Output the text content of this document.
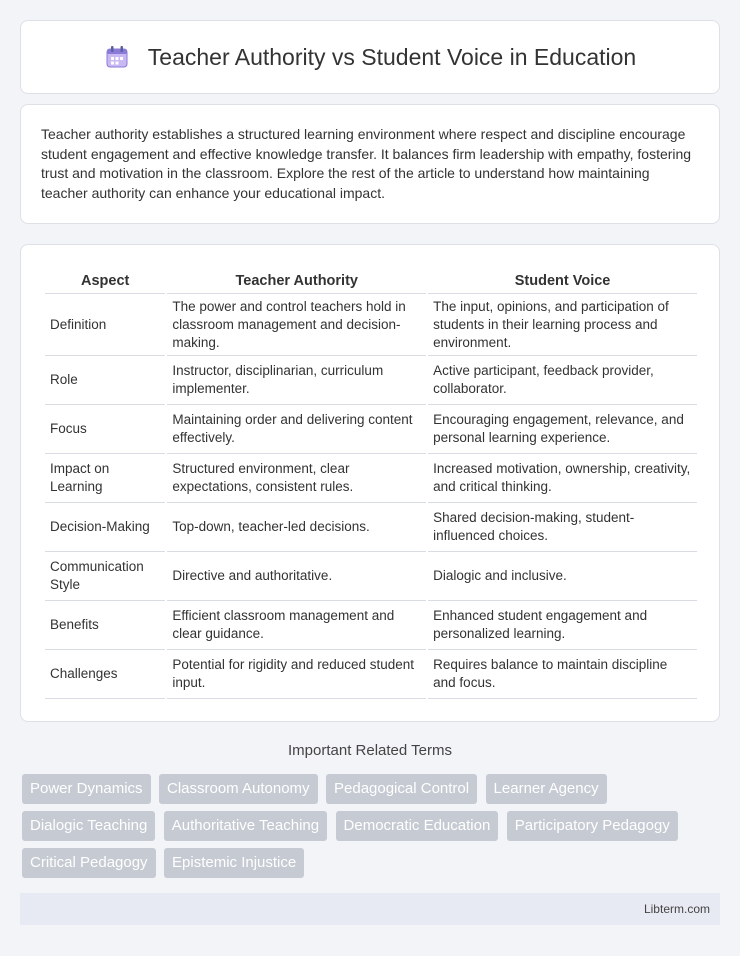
Teacher Authority vs Student Voice in Education

Teacher authority establishes a structured learning environment where respect and discipline encourage student engagement and effective knowledge transfer. It balances firm leadership with empathy, fostering trust and motivation in the classroom. Explore the rest of the article to understand how maintaining teacher authority can enhance your educational impact.

Aspect	Teacher Authority	Student Voice
Definition	The power and control teachers hold in classroom management and decision-making.	The input, opinions, and participation of students in their learning process and environment.
Role	Instructor, disciplinarian, curriculum implementer.	Active participant, feedback provider, collaborator.
Focus	Maintaining order and delivering content effectively.	Encouraging engagement, relevance, and personal learning experience.
Impact on Learning	Structured environment, clear expectations, consistent rules.	Increased motivation, ownership, creativity, and critical thinking.
Decision-Making	Top-down, teacher-led decisions.	Shared decision-making, student-influenced choices.
Communication Style	Directive and authoritative.	Dialogic and inclusive.
Benefits	Efficient classroom management and clear guidance.	Enhanced student engagement and personalized learning.
Challenges	Potential for rigidity and reduced student input.	Requires balance to maintain discipline and focus.
Important Related Terms
Power Dynamics Classroom Autonomy Pedagogical Control Learner Agency Dialogic Teaching Authoritative Teaching Democratic Education Participatory Pedagogy Critical Pedagogy Epistemic Injustice
Libterm.com
